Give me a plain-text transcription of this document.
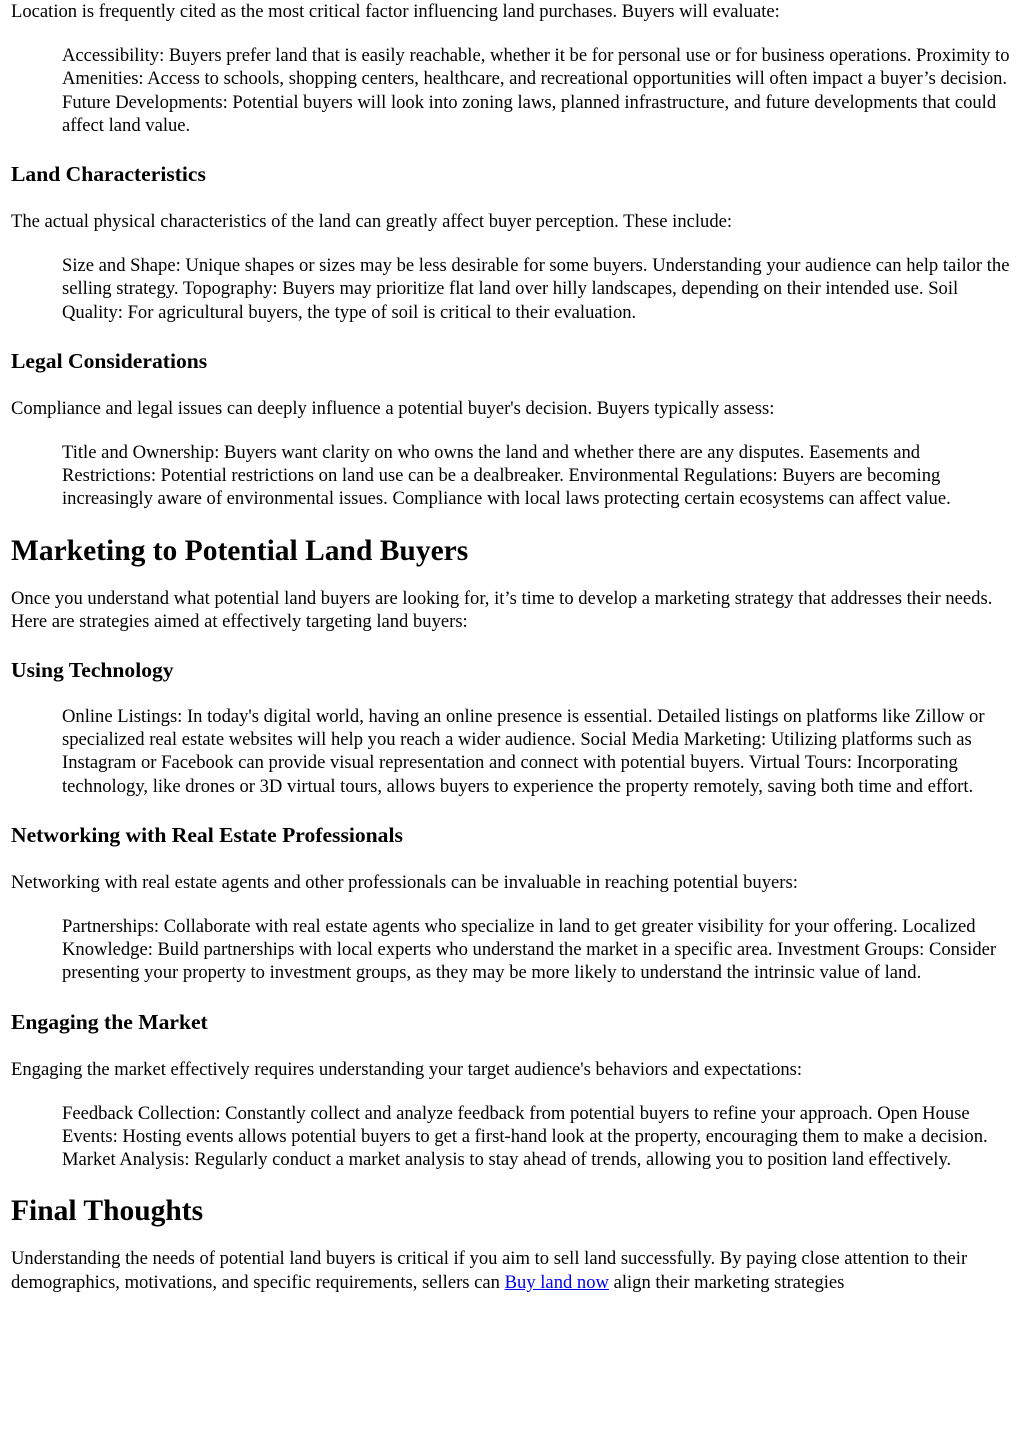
Location is frequently cited as the most critical factor influencing land purchases. Buyers will evaluate:

Accessibility: Buyers prefer land that is easily reachable, whether it be for personal use or for business operations. Proximity to Amenities: Access to schools, shopping centers, healthcare, and recreational opportunities will often impact a buyer’s decision. Future Developments: Potential buyers will look into zoning laws, planned infrastructure, and future developments that could affect land value.
Land Characteristics

The actual physical characteristics of the land can greatly affect buyer perception. These include:

Size and Shape: Unique shapes or sizes may be less desirable for some buyers. Understanding your audience can help tailor the selling strategy. Topography: Buyers may prioritize flat land over hilly landscapes, depending on their intended use. Soil Quality: For agricultural buyers, the type of soil is critical to their evaluation.
Legal Considerations

Compliance and legal issues can deeply influence a potential buyer's decision. Buyers typically assess:

Title and Ownership: Buyers want clarity on who owns the land and whether there are any disputes. Easements and Restrictions: Potential restrictions on land use can be a dealbreaker. Environmental Regulations: Buyers are becoming increasingly aware of environmental issues. Compliance with local laws protecting certain ecosystems can affect value.
Marketing to Potential Land Buyers

Once you understand what potential land buyers are looking for, it’s time to develop a marketing strategy that addresses their needs. Here are strategies aimed at effectively targeting land buyers:

Using Technology
Online Listings: In today's digital world, having an online presence is essential. Detailed listings on platforms like Zillow or specialized real estate websites will help you reach a wider audience. Social Media Marketing: Utilizing platforms such as Instagram or Facebook can provide visual representation and connect with potential buyers. Virtual Tours: Incorporating technology, like drones or 3D virtual tours, allows buyers to experience the property remotely, saving both time and effort.
Networking with Real Estate Professionals

Networking with real estate agents and other professionals can be invaluable in reaching potential buyers:

Partnerships: Collaborate with real estate agents who specialize in land to get greater visibility for your offering. Localized Knowledge: Build partnerships with local experts who understand the market in a specific area. Investment Groups: Consider presenting your property to investment groups, as they may be more likely to understand the intrinsic value of land.
Engaging the Market

Engaging the market effectively requires understanding your target audience's behaviors and expectations:

Feedback Collection: Constantly collect and analyze feedback from potential buyers to refine your approach. Open House Events: Hosting events allows potential buyers to get a first-hand look at the property, encouraging them to make a decision. Market Analysis: Regularly conduct a market analysis to stay ahead of trends, allowing you to position land effectively.
Final Thoughts

Understanding the needs of potential land buyers is critical if you aim to sell land successfully. By paying close attention to their demographics, motivations, and specific requirements, sellers can Buy land now align their marketing strategies
